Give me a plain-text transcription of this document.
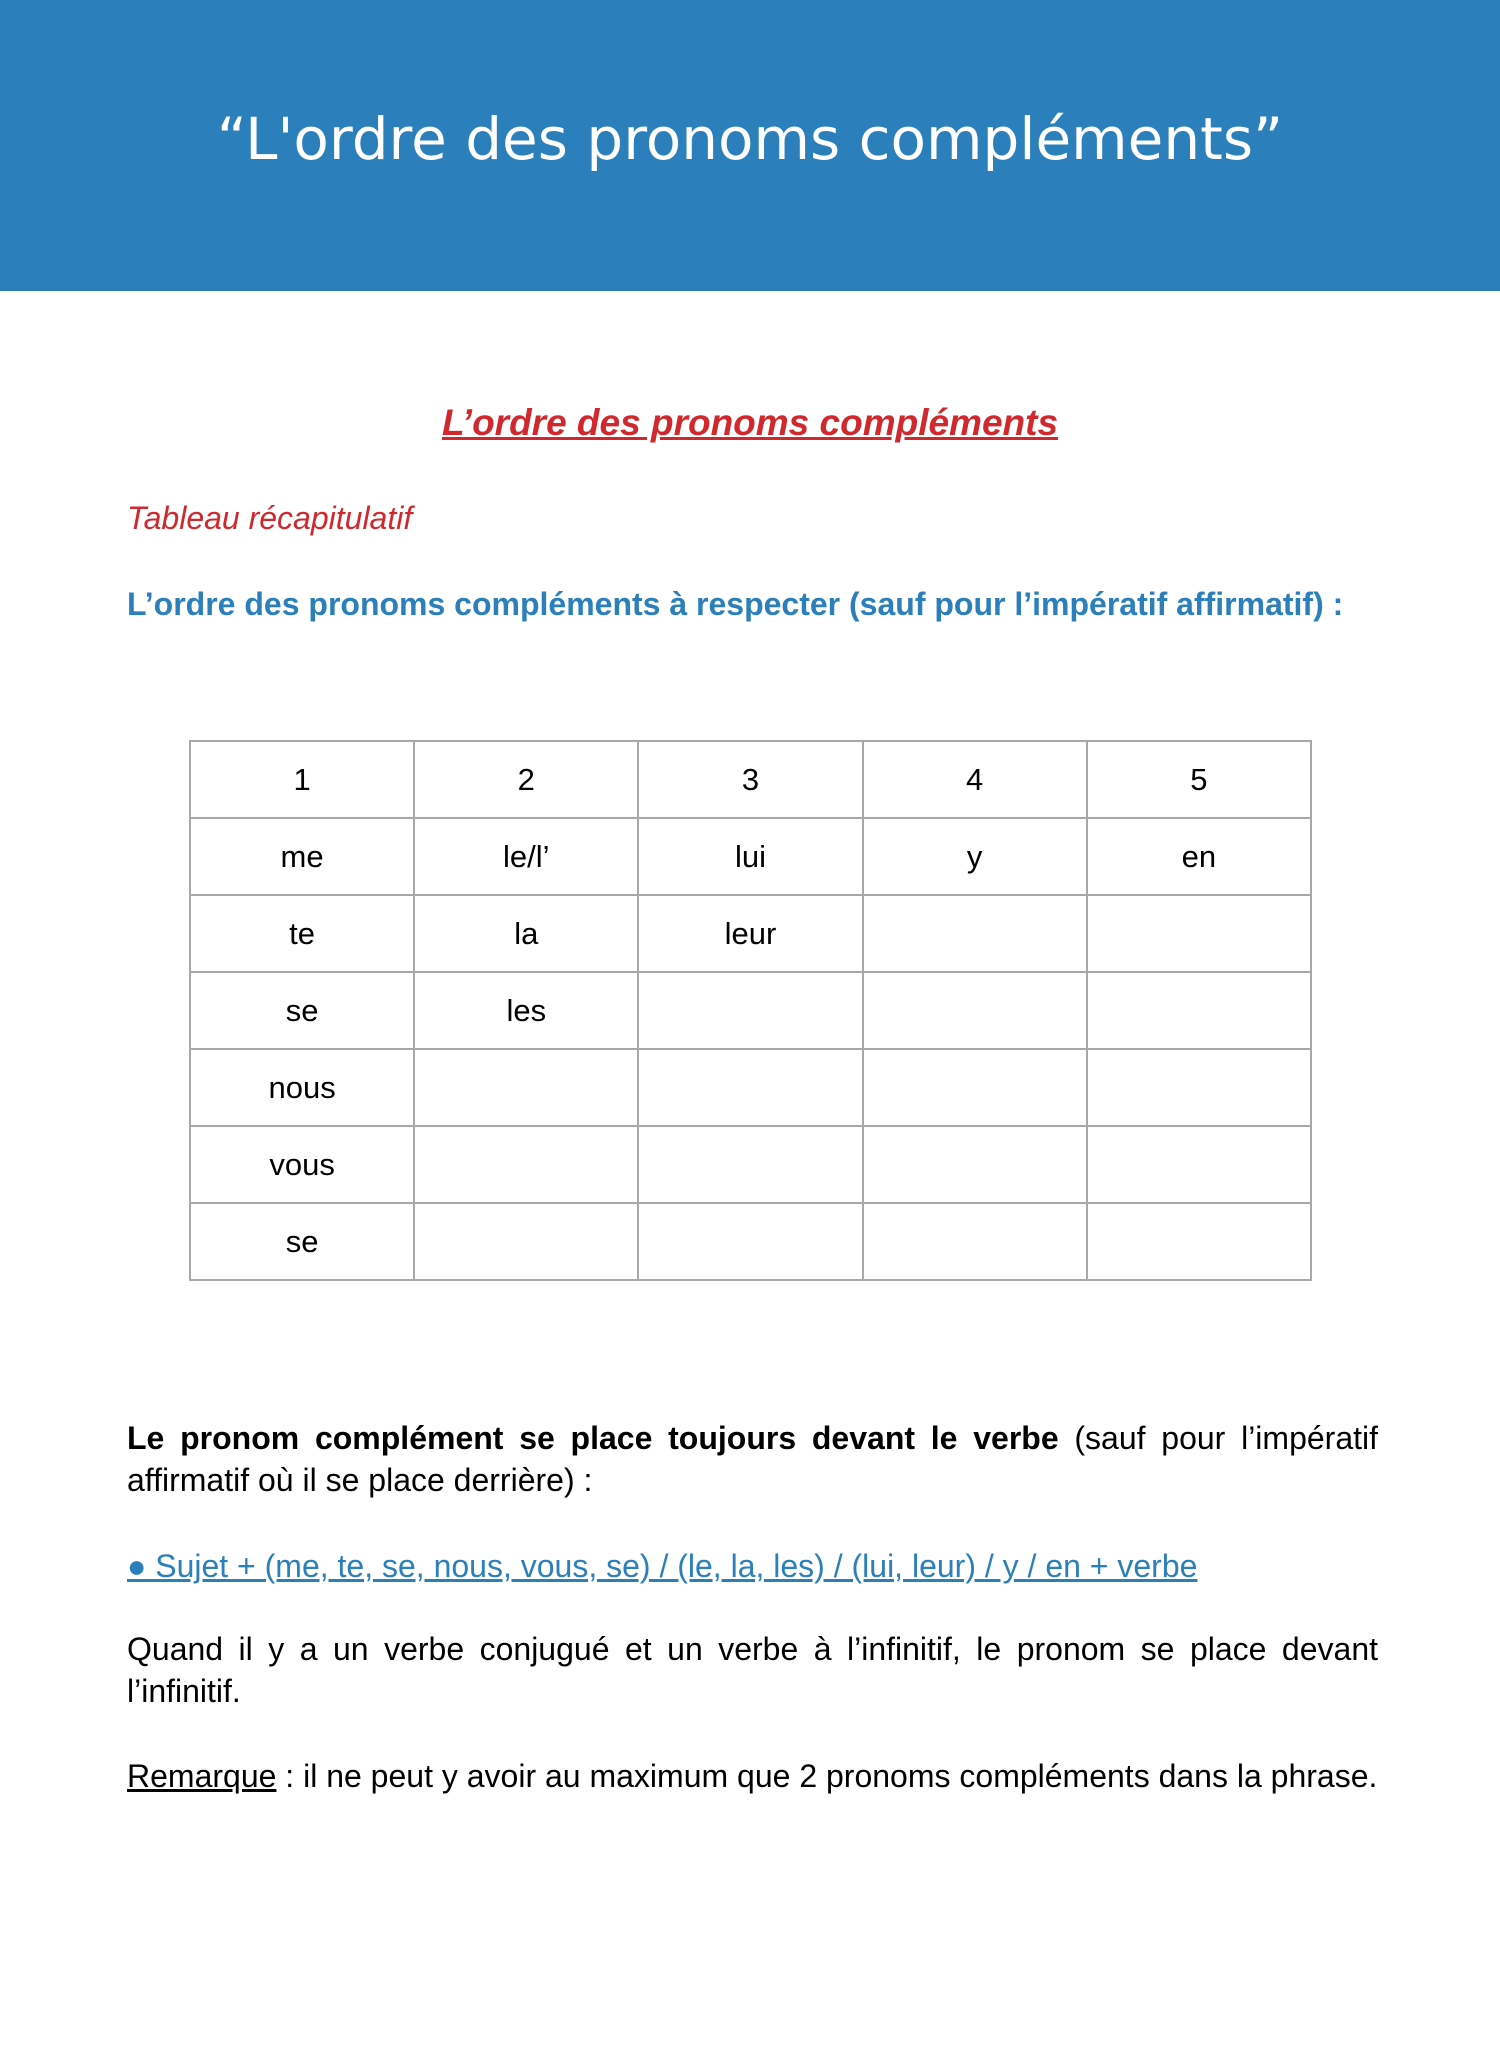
“L'ordre des pronoms compléments”

L’ordre des pronoms compléments

Tableau récapitulatif

L’ordre des pronoms compléments à respecter (sauf pour l’impératif affirmatif) :

1	2	3	4	5
me	le/l’	lui	y	en
te	la	leur		
se	les			
nous				
vous				
se				

Le pronom complément se place toujours devant le verbe (sauf pour l’impératif affirmatif où il se place derrière) :

● Sujet + (me, te, se, nous, vous, se) / (le, la, les) / (lui, leur) / y / en + verbe

Quand il y a un verbe conjugué et un verbe à l’infinitif, le pronom se place devant l’infinitif.

Remarque : il ne peut y avoir au maximum que 2 pronoms compléments dans la phrase.
